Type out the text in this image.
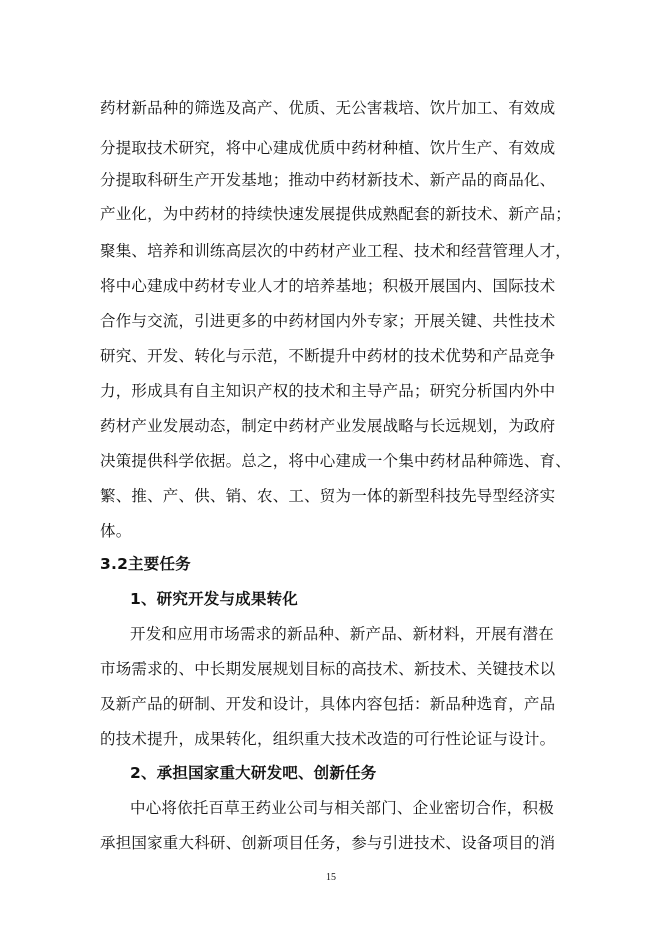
药材新品种的筛选及高产、优质、无公害栽培、饮片加工、有效成
分提取技术研究，将中心建成优质中药材种植、饮片生产、有效成
分提取科研生产开发基地；推动中药材新技术、新产品的商品化、
产业化，为中药材的持续快速发展提供成熟配套的新技术、新产品；
聚集、培养和训练高层次的中药材产业工程、技术和经营管理人才，
将中心建成中药材专业人才的培养基地；积极开展国内、国际技术
合作与交流，引进更多的中药材国内外专家；开展关键、共性技术
研究、开发、转化与示范，不断提升中药材的技术优势和产品竞争
力，形成具有自主知识产权的技术和主导产品；研究分析国内外中
药材产业发展动态，制定中药材产业发展战略与长远规划，为政府
决策提供科学依据。总之，将中心建成一个集中药材品种筛选、育、
繁、推、产、供、销、农、工、贸为一体的新型科技先导型经济实
体。
3.2主要任务
1、研究开发与成果转化
开发和应用市场需求的新品种、新产品、新材料，开展有潜在
市场需求的、中长期发展规划目标的高技术、新技术、关键技术以
及新产品的研制、开发和设计，具体内容包括：新品种选育，产品
的技术提升，成果转化，组织重大技术改造的可行性论证与设计。
2、承担国家重大研发吧、创新任务
中心将依托百草王药业公司与相关部门、企业密切合作，积极
承担国家重大科研、创新项目任务，参与引进技术、设备项目的消
15
